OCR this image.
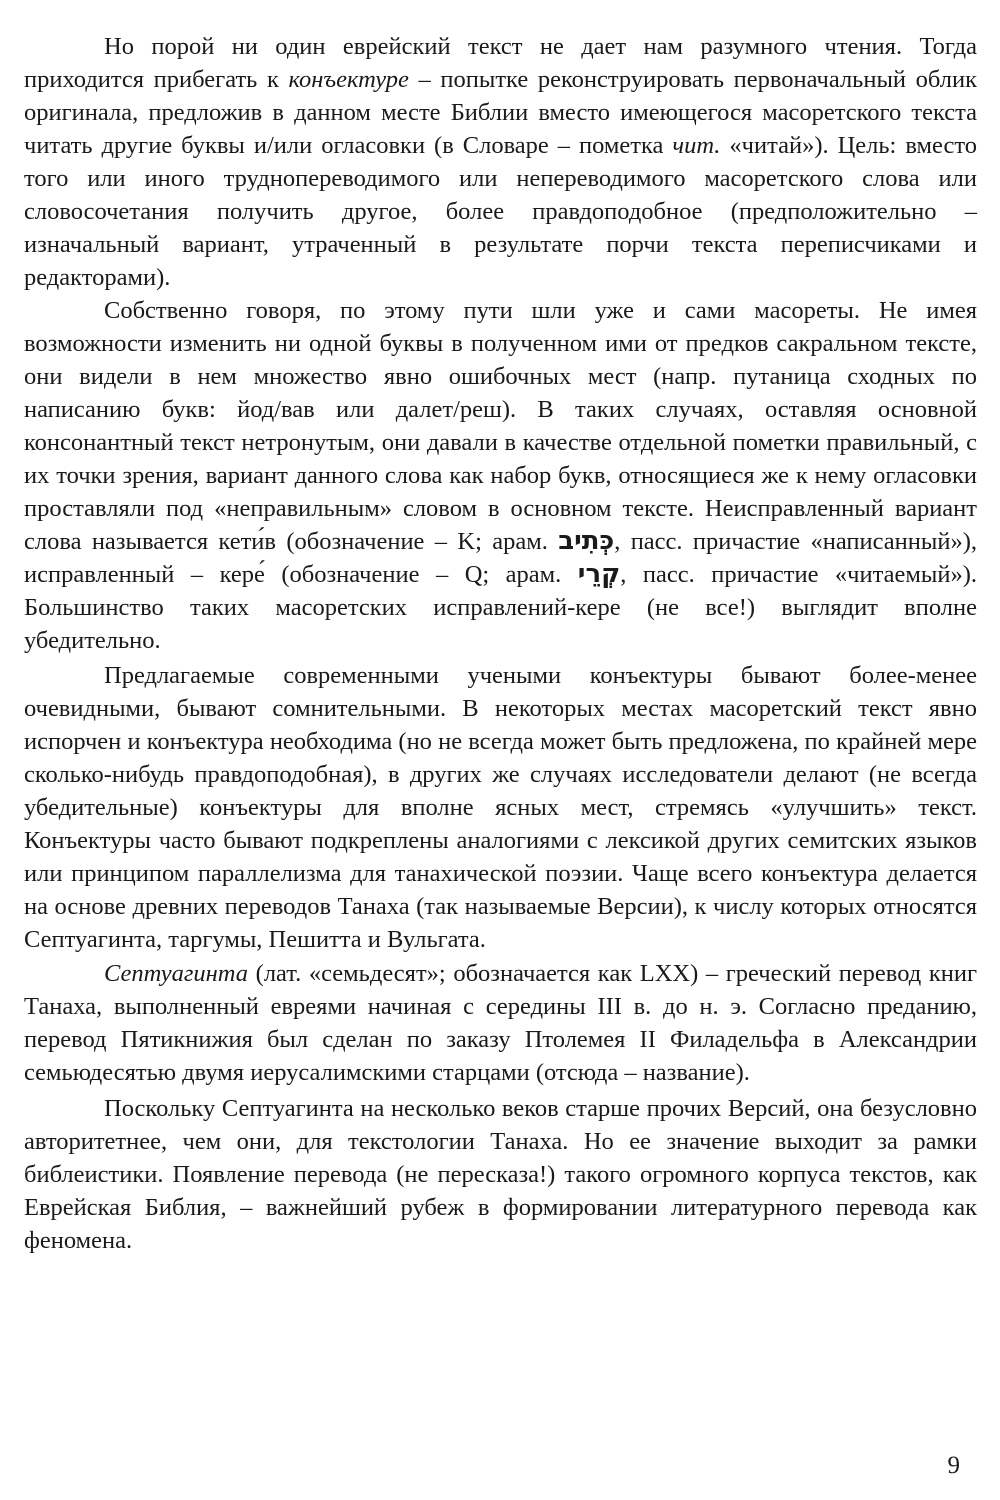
Но порой ни один еврейский текст не дает нам разумного чтения. Тогда приходится прибегать к конъектуре – попытке реконструировать первоначальный облик оригинала, предложив в данном месте Библии вместо имеющегося масоретского текста читать другие буквы и/или огласовки (в Словаре – пометка чит. «читай»). Цель: вместо того или иного труднопереводимого или непереводимого масоретского слова или словосочетания получить другое, более правдоподобное (предположительно – изначальный вариант, утраченный в результате порчи текста переписчиками и редакторами).

Собственно говоря, по этому пути шли уже и сами масореты. Не имея возможности изменить ни одной буквы в полученном ими от предков сакральном тексте, они видели в нем множество явно ошибочных мест (напр. путаница сходных по написанию букв: йод/вав или далет/реш). В таких случаях, оставляя основной консонантный текст нетронутым, они давали в качестве отдельной пометки правильный, с их точки зрения, вариант данного слова как набор букв, относящиеся же к нему огласовки проставляли под «неправильным» словом в основном тексте. Неисправленный вариант слова называется кети́в (обозначение – K; арам. כְּתִיב, пасс. причастие «написанный»), исправленный – кере́ (обозначение – Q; арам. קְרֵי, пасс. причастие «читаемый»). Большинство таких масоретских исправлений-кере (не все!) выглядит вполне убедительно.

Предлагаемые современными учеными конъектуры бывают более-менее очевидными, бывают сомнительными. В некоторых местах масоретский текст явно испорчен и конъектура необходима (но не всегда может быть предложена, по крайней мере сколько-нибудь правдоподобная), в других же случаях исследователи делают (не всегда убедительные) конъектуры для вполне ясных мест, стремясь «улучшить» текст. Конъектуры часто бывают подкреплены аналогиями с лексикой других семитских языков или принципом параллелизма для танахической поэзии. Чаще всего конъектура делается на основе древних переводов Танаха (так называемые Версии), к числу которых относятся Септуагинта, таргумы, Пешитта и Вульгата.

Септуагинта (лат. «семьдесят»; обозначается как LXX) – греческий перевод книг Танаха, выполненный евреями начиная с середины III в. до н. э. Согласно преданию, перевод Пятикнижия был сделан по заказу Птолемея II Филадельфа в Александрии семьюдесятью двумя иерусалимскими старцами (отсюда – название).

Поскольку Септуагинта на несколько веков старше прочих Версий, она безусловно авторитетнее, чем они, для текстологии Танаха. Но ее значение выходит за рамки библеистики. Появление перевода (не пересказа!) такого огромного корпуса текстов, как Еврейская Библия, – важнейший рубеж в формировании литературного перевода как феномена.

9
